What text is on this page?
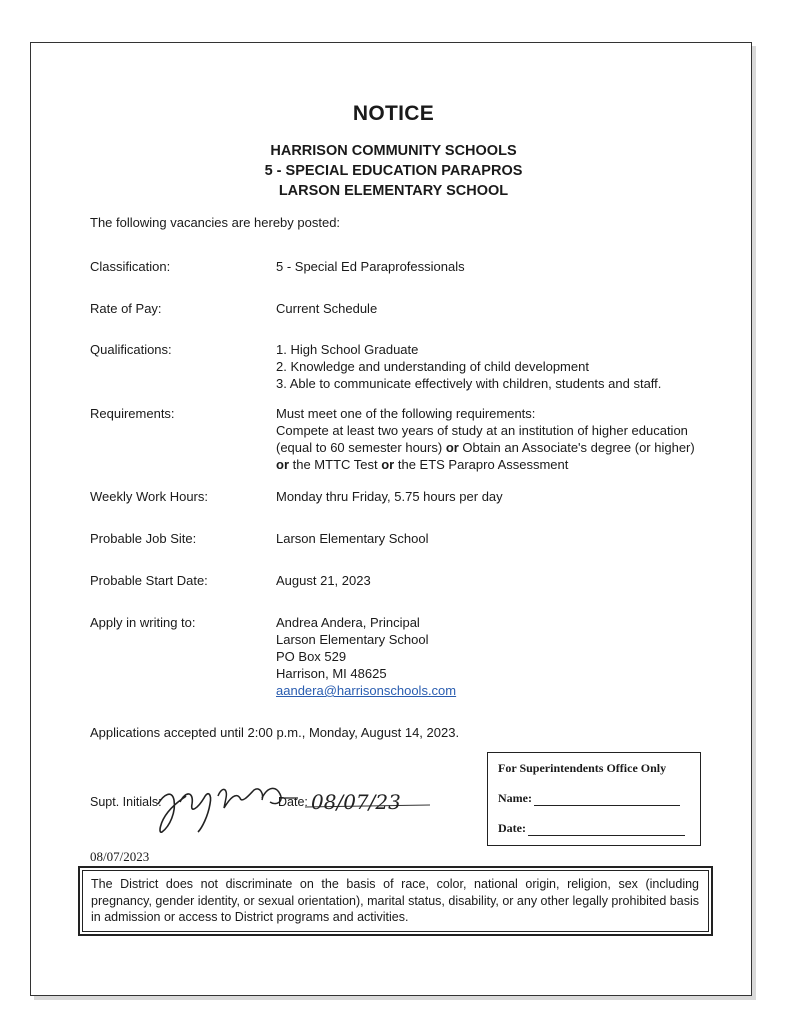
NOTICE
HARRISON COMMUNITY SCHOOLS
5 - SPECIAL EDUCATION PARAPROS
LARSON ELEMENTARY SCHOOL
The following vacancies are hereby posted:
Classification:	5 - Special Ed Paraprofessionals
Rate of Pay:	Current Schedule
Qualifications:	1. High School Graduate
2. Knowledge and understanding of child development
3. Able to communicate effectively with children, students and staff.
Requirements:	Must meet one of the following requirements:
Compete at least two years of study at an institution of higher education
(equal to 60 semester hours) or Obtain an Associate's degree (or higher)
or the MTTC Test or the ETS Parapro Assessment
Weekly Work Hours:	Monday thru Friday, 5.75 hours per day
Probable Job Site:	Larson Elementary School
Probable Start Date:	August 21, 2023
Apply in writing to:	Andrea Andera, Principal
Larson Elementary School
PO Box 529
Harrison, MI 48625
aandera@harrisonschools.com
Applications accepted until 2:00 p.m., Monday, August 14, 2023.
Supt. Initials:	Date: 08/07/23
For Superintendents Office Only
Name:
Date:
08/07/2023

The District does not discriminate on the basis of race, color, national origin, religion, sex (including pregnancy, gender identity, or sexual orientation), marital status, disability, or any other legally prohibited basis in admission or access to District programs and activities.
